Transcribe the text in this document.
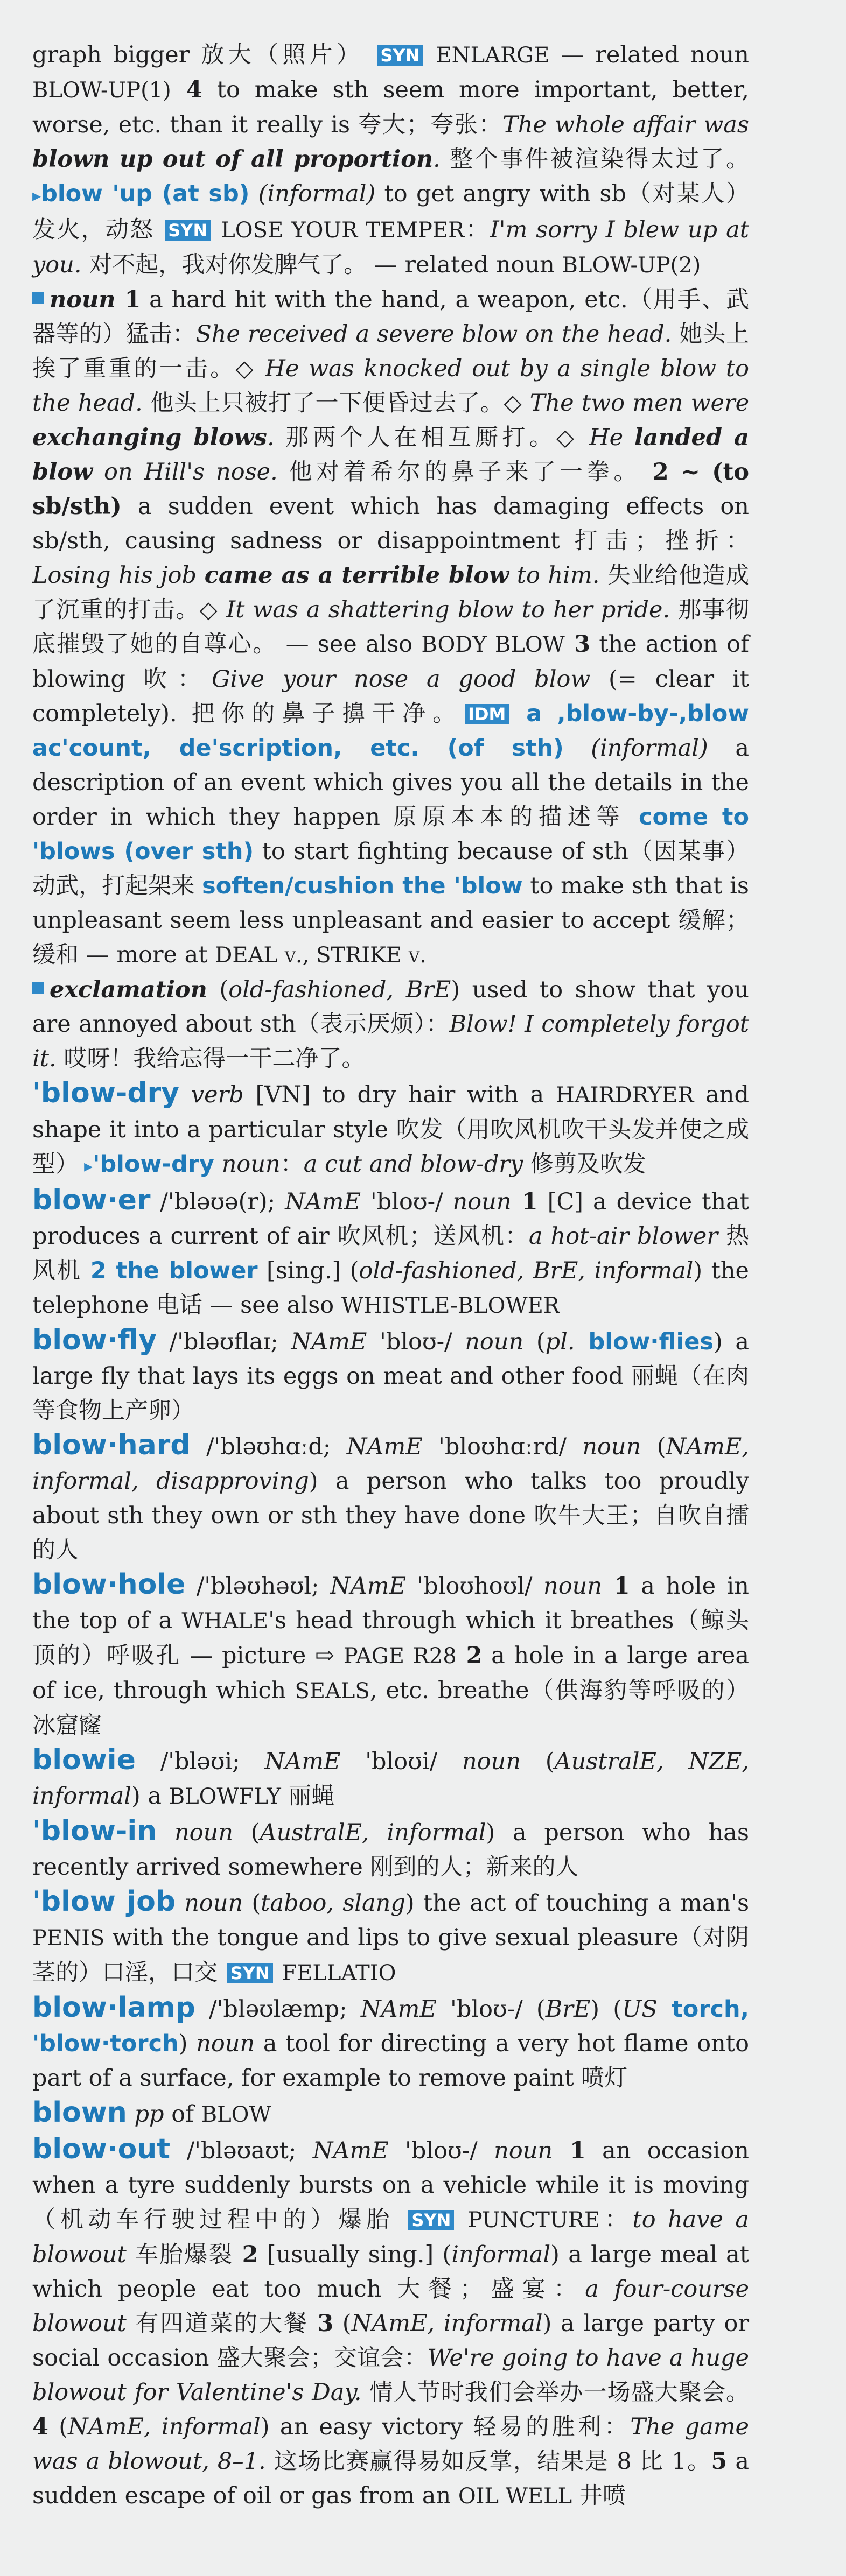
graph bigger 放大（照片） SYN ENLARGE — related noun BLOW-UP(1) 4 to make sth seem more important, better, worse, etc. than it really is 夸大；夸张：The whole affair was blown up out of all proportion. 整个事件被渲染得太过了。▸blow 'up (at sb) (informal) to get angry with sb（对某人）发火，动怒 SYN LOSE YOUR TEMPER：I'm sorry I blew up at you. 对不起，我对你发脾气了。 — related noun BLOW-UP(2)

noun 1 a hard hit with the hand, a weapon, etc.（用手、武器等的）猛击：She received a severe blow on the head. 她头上挨了重重的一击。◇ He was knocked out by a single blow to the head. 他头上只被打了一下便昏过去了。◇ The two men were exchanging blows. 那两个人在相互厮打。◇ He landed a blow on Hill's nose. 他对着希尔的鼻子来了一拳。 2 ~ (to sb/sth) a sudden event which has damaging effects on sb/sth, causing sadness or disappointment 打击；挫折：Losing his job came as a terrible blow to him. 失业给他造成了沉重的打击。◇ It was a shattering blow to her pride. 那事彻底摧毁了她的自尊心。 — see also BODY BLOW 3 the action of blowing 吹：Give your nose a good blow (= clear it completely). 把你的鼻子擤干净。 IDM a ,blow-by-,blow ac'count, de'scription, etc. (of sth) (informal) a description of an event which gives you all the details in the order in which they happen 原原本本的描述等 come to 'blows (over sth) to start fighting because of sth（因某事）动武，打起架来 soften/cushion the 'blow to make sth that is unpleasant seem less unpleasant and easier to accept 缓解；缓和 — more at DEAL v., STRIKE v.

exclamation (old-fashioned, BrE) used to show that you are annoyed about sth（表示厌烦）：Blow! I completely forgot it. 哎呀！我给忘得一干二净了。

'blow-dry verb [VN] to dry hair with a HAIRDRYER and shape it into a particular style 吹发（用吹风机吹干头发并使之成型） ▸'blow-dry noun：a cut and blow-dry 修剪及吹发

blow·er /'bləʊə(r); NAmE 'bloʊ-/ noun 1 [C] a device that produces a current of air 吹风机；送风机：a hot-air blower 热风机 2 the blower [sing.] (old-fashioned, BrE, informal) the telephone 电话 — see also WHISTLE-BLOWER

blow·fly /'bləʊflaɪ; NAmE 'bloʊ-/ noun (pl. blow·flies) a large fly that lays its eggs on meat and other food 丽蝇（在肉等食物上产卵）

blow·hard /'bləʊhɑːd; NAmE 'bloʊhɑːrd/ noun (NAmE, informal, disapproving) a person who talks too proudly about sth they own or sth they have done 吹牛大王；自吹自擂的人

blow·hole /'bləʊhəʊl; NAmE 'bloʊhoʊl/ noun 1 a hole in the top of a WHALE's head through which it breathes（鲸头顶的）呼吸孔 — picture ⇨ PAGE R28 2 a hole in a large area of ice, through which SEALS, etc. breathe（供海豹等呼吸的）冰窟窿

blowie /'bləʊi; NAmE 'bloʊi/ noun (AustralE, NZE, informal) a BLOWFLY 丽蝇

'blow-in noun (AustralE, informal) a person who has recently arrived somewhere 刚到的人；新来的人

'blow job noun (taboo, slang) the act of touching a man's PENIS with the tongue and lips to give sexual pleasure（对阴茎的）口淫，口交 SYN FELLATIO

blow·lamp /'bləʊlæmp; NAmE 'bloʊ-/ (BrE) (US torch, 'blow·torch) noun a tool for directing a very hot flame onto part of a surface, for example to remove paint 喷灯

blown pp of BLOW

blow·out /'bləʊaʊt; NAmE 'bloʊ-/ noun 1 an occasion when a tyre suddenly bursts on a vehicle while it is moving（机动车行驶过程中的）爆胎 SYN PUNCTURE：to have a blowout 车胎爆裂 2 [usually sing.] (informal) a large meal at which people eat too much 大餐；盛宴：a four-course blowout 有四道菜的大餐 3 (NAmE, informal) a large party or social occasion 盛大聚会；交谊会：We're going to have a huge blowout for Valentine's Day. 情人节时我们会举办一场盛大聚会。4 (NAmE, informal) an easy victory 轻易的胜利：The game was a blowout, 8–1. 这场比赛赢得易如反掌，结果是 8 比 1。5 a sudden escape of oil or gas from an OIL WELL 井喷
